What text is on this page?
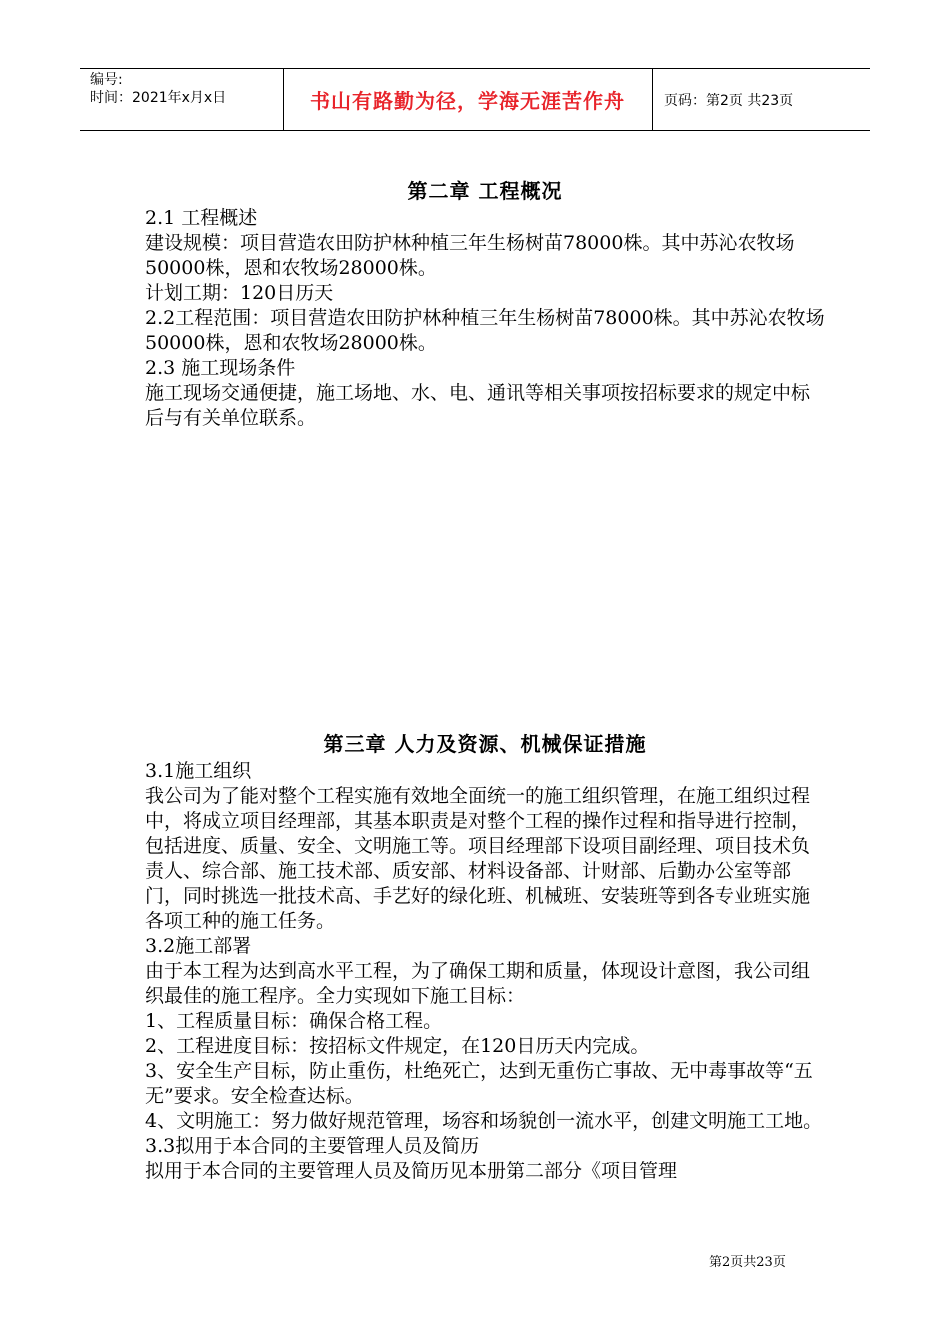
编号:
时间：2021年x月x日	书山有路勤为径，学海无涯苦作舟	页码：第2页 共23页
第二章 工程概况

2.1 工程概述

建设规模：项目营造农田防护林种植三年生杨树苗78000株。其中苏沁农牧场50000株，恩和农牧场28000株。

计划工期：120日历天

2.2工程范围：项目营造农田防护林种植三年生杨树苗78000株。其中苏沁农牧场50000株，恩和农牧场28000株。

2.3 施工现场条件

施工现场交通便捷，施工场地、水、电、通讯等相关事项按招标要求的规定中标后与有关单位联系。

第三章 人力及资源、机械保证措施

3.1施工组织

我公司为了能对整个工程实施有效地全面统一的施工组织管理，在施工组织过程中，将成立项目经理部，其基本职责是对整个工程的操作过程和指导进行控制，包括进度、质量、安全、文明施工等。项目经理部下设项目副经理、项目技术负责人、综合部、施工技术部、质安部、材料设备部、计财部、后勤办公室等部门，同时挑选一批技术高、手艺好的绿化班、机械班、安装班等到各专业班实施各项工种的施工任务。

3.2施工部署

由于本工程为达到高水平工程，为了确保工期和质量，体现设计意图，我公司组织最佳的施工程序。全力实现如下施工目标：

1、工程质量目标：确保合格工程。

2、工程进度目标：按招标文件规定，在120日历天内完成。

3、安全生产目标，防止重伤，杜绝死亡，达到无重伤亡事故、无中毒事故等“五无”要求。安全检查达标。

4、文明施工：努力做好规范管理，场容和场貌创一流水平，创建文明施工工地。

3.3拟用于本合同的主要管理人员及简历

拟用于本合同的主要管理人员及简历见本册第二部分《项目管理

第2页共23页
